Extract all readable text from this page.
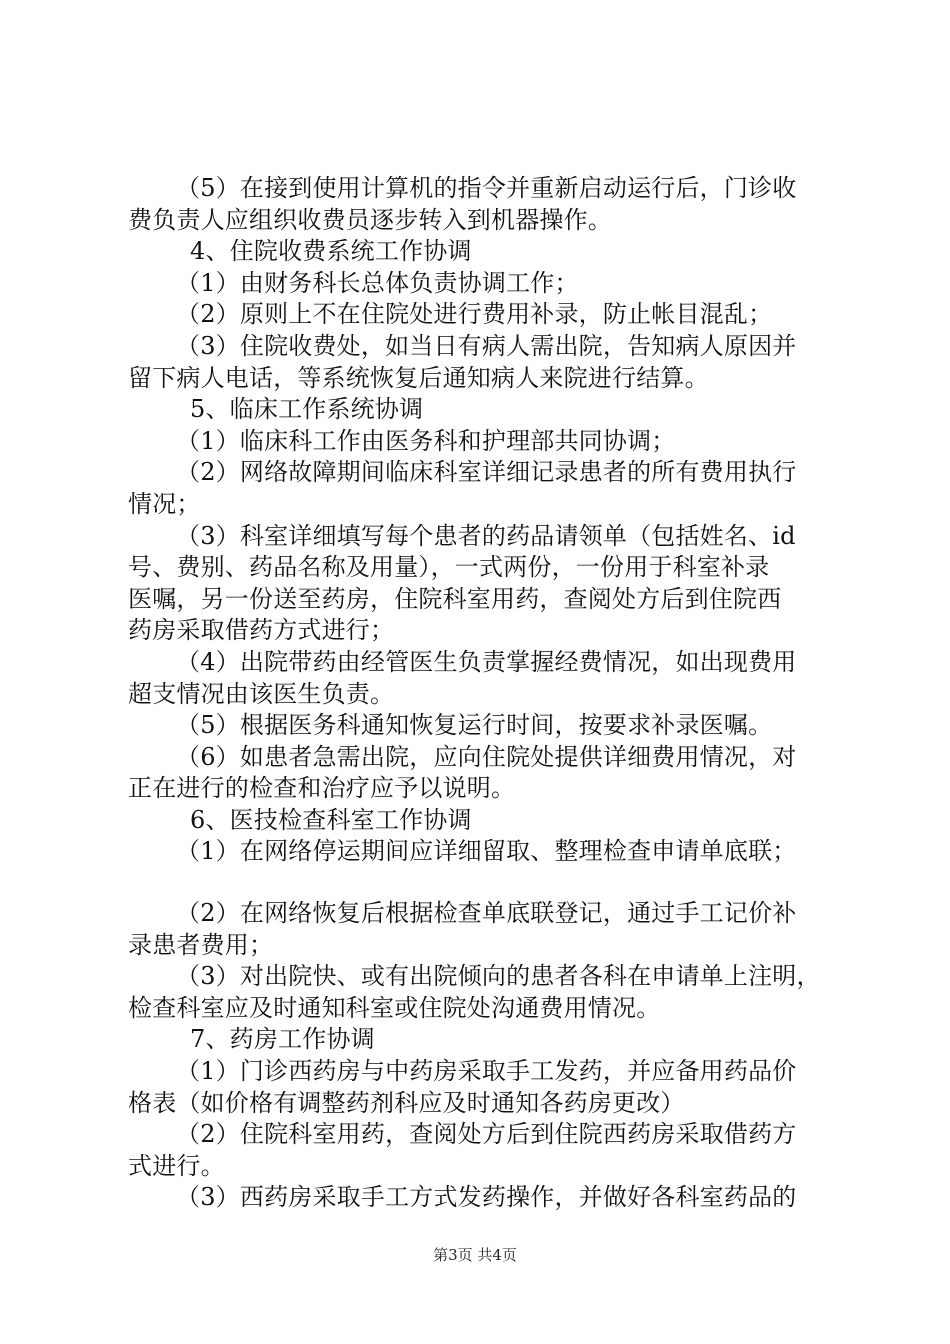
（5）在接到使用计算机的指令并重新启动运行后，门诊收
费负责人应组织收费员逐步转入到机器操作。
4、住院收费系统工作协调
（1）由财务科长总体负责协调工作；
（2）原则上不在住院处进行费用补录，防止帐目混乱；
（3）住院收费处，如当日有病人需出院，告知病人原因并
留下病人电话，等系统恢复后通知病人来院进行结算。
5、临床工作系统协调
（1）临床科工作由医务科和护理部共同协调；
（2）网络故障期间临床科室详细记录患者的所有费用执行
情况；
（3）科室详细填写每个患者的药品请领单（包括姓名、id
号、费别、药品名称及用量），一式两份，一份用于科室补录
医嘱，另一份送至药房，住院科室用药，查阅处方后到住院西
药房采取借药方式进行；
（4）出院带药由经管医生负责掌握经费情况，如出现费用
超支情况由该医生负责。
（5）根据医务科通知恢复运行时间，按要求补录医嘱。
（6）如患者急需出院，应向住院处提供详细费用情况，对
正在进行的检查和治疗应予以说明。
6、医技检查科室工作协调
（1）在网络停运期间应详细留取、整理检查申请单底联；
（2）在网络恢复后根据检查单底联登记，通过手工记价补
录患者费用；
（3）对出院快、或有出院倾向的患者各科在申请单上注明，
检查科室应及时通知科室或住院处沟通费用情况。
7、药房工作协调
（1）门诊西药房与中药房采取手工发药，并应备用药品价
格表（如价格有调整药剂科应及时通知各药房更改）
（2）住院科室用药，查阅处方后到住院西药房采取借药方
式进行。
（3）西药房采取手工方式发药操作，并做好各科室药品的
第3页 共4页
